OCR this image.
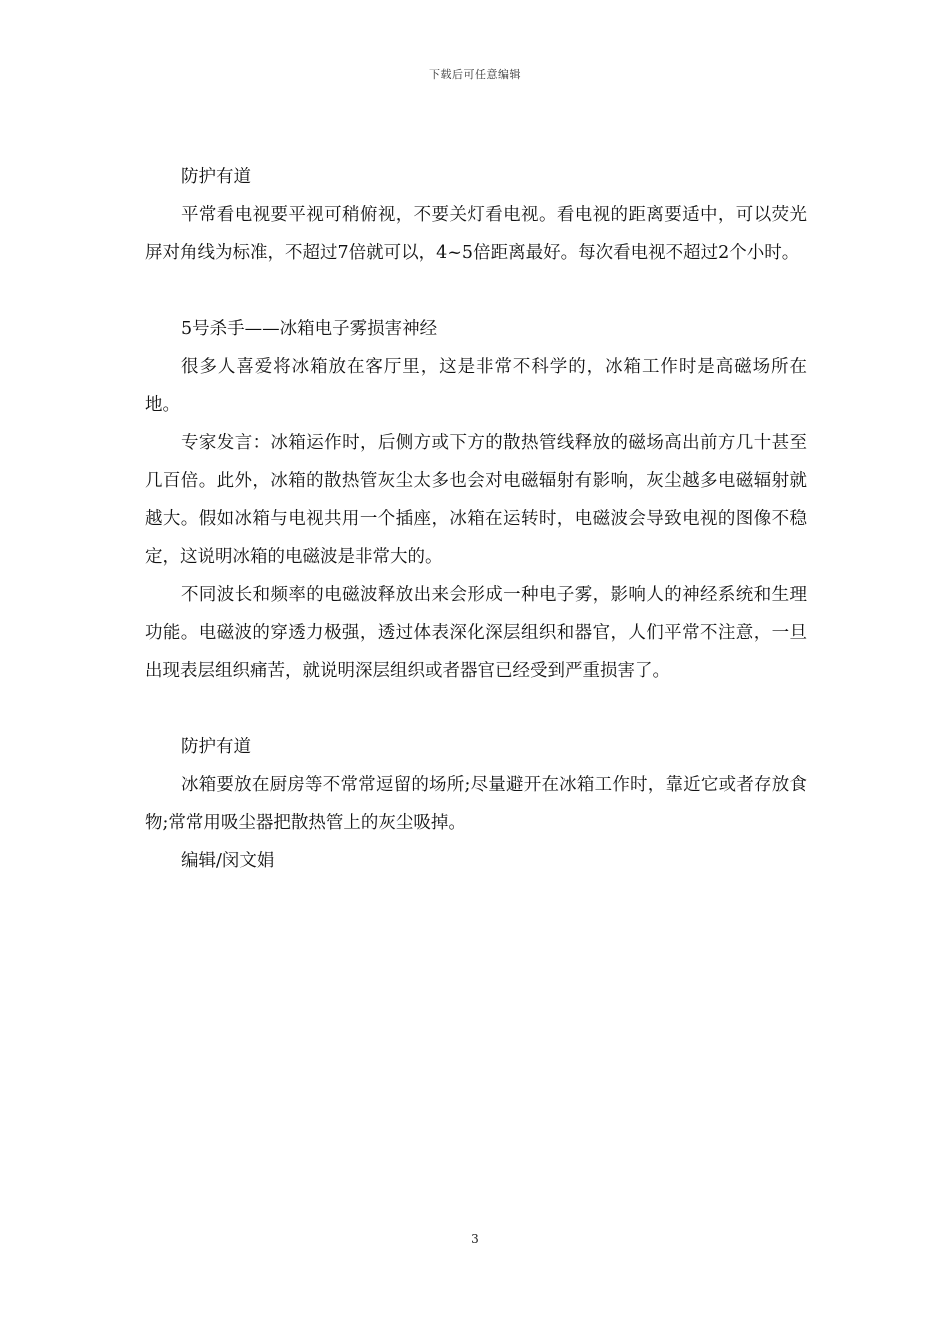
下载后可任意编辑

防护有道

平常看电视要平视可稍俯视，不要关灯看电视。看电视的距离要适中，可以荧光屏对角线为标准，不超过7倍就可以，4~5倍距离最好。每次看电视不超过2个小时。

5号杀手——冰箱电子雾损害神经

很多人喜爱将冰箱放在客厅里，这是非常不科学的，冰箱工作时是高磁场所在地。

专家发言：冰箱运作时，后侧方或下方的散热管线释放的磁场高出前方几十甚至几百倍。此外，冰箱的散热管灰尘太多也会对电磁辐射有影响，灰尘越多电磁辐射就越大。假如冰箱与电视共用一个插座，冰箱在运转时，电磁波会导致电视的图像不稳定，这说明冰箱的电磁波是非常大的。

不同波长和频率的电磁波释放出来会形成一种电子雾，影响人的神经系统和生理功能。电磁波的穿透力极强，透过体表深化深层组织和器官，人们平常不注意，一旦出现表层组织痛苦，就说明深层组织或者器官已经受到严重损害了。

防护有道

冰箱要放在厨房等不常常逗留的场所;尽量避开在冰箱工作时，靠近它或者存放食物;常常用吸尘器把散热管上的灰尘吸掉。

编辑/闵文娟

3
